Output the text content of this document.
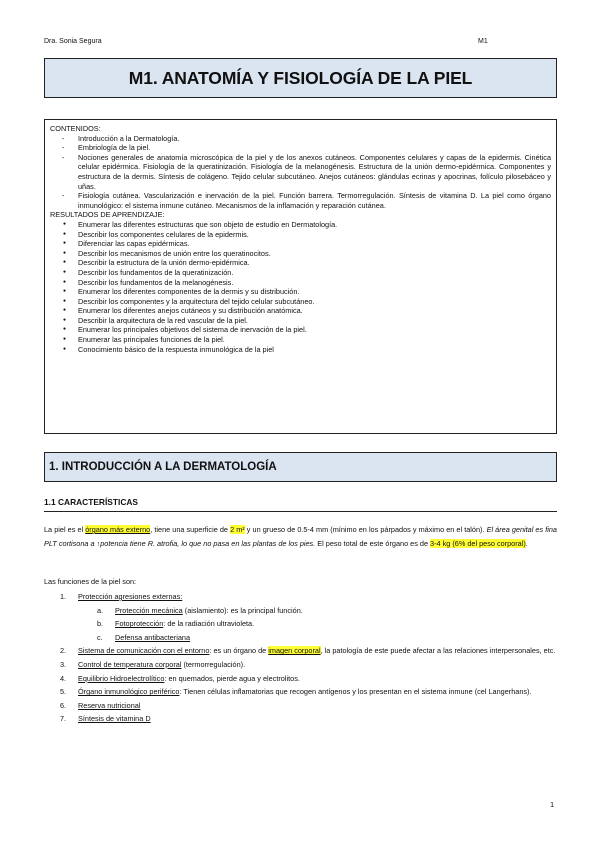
Dra. Sonia Segura	M1
M1. ANATOMÍA Y FISIOLOGÍA DE LA PIEL
CONTENIDOS:
- Introducción a la Dermatología.
- Embriología de la piel.
- Nociones generales de anatomía microscópica de la piel y de los anexos cutáneos. Componentes celulares y capas de la epidermis. Cinética celular epidérmica. Fisiología de la queratinización. Fisiología de la melanogénesis. Estructura de la unión dermo-epidérmica. Componentes y estructura de la dermis. Síntesis de colágeno. Tejido celular subcutáneo. Anejos cutáneos: glándulas ecrinas y apocrinas, folículo pilosebáceo y uñas.
- Fisiología cutánea. Vascularización e inervación de la piel. Función barrera. Termorregulación. Síntesis de vitamina D. La piel como órgano inmunológico: el sistema inmune cutáneo. Mecanismos de la inflamación y reparación cutánea.
RESULTADOS DE APRENDIZAJE:
● Enumerar las diferentes estructuras que son objeto de estudio en Dermatología.
● Describir los componentes celulares de la epidermis.
● Diferenciar las capas epidérmicas.
● Describir los mecanismos de unión entre los queratinocitos.
● Describir la estructura de la unión dermo-epidérmica.
● Describir los fundamentos de la queratinización.
● Describir los fundamentos de la melanogénesis.
● Enumerar los diferentes componentes de la dermis y su distribución.
● Describir los componentes y la arquitectura del tejido celular subcutáneo.
● Enumerar los diferentes anejos cutáneos y su distribución anatómica.
● Describir la arquitectura de la red vascular de la piel.
● Enumerar los principales objetivos del sistema de inervación de la piel.
● Enumerar las principales funciones de la piel.
● Conocimiento básico de la respuesta inmunológica de la piel
1. INTRODUCCIÓN A LA DERMATOLOGÍA
1.1 CARACTERÍSTICAS
La piel es el órgano más externo, tiene una superficie de 2 m² y un grueso de 0.5-4 mm (mínimo en los párpados y máximo en el talón). El área genital es fina PLT cortisona a ↑potencia tiene R. atrofia, lo que no pasa en las plantas de los pies. El peso total de este órgano es de 3-4 kg (6% del peso corporal).
Las funciones de la piel son:
1. Protección agresiones externas:
a. Protección mecánica (aislamiento): es la principal función.
b. Fotoprotección: de la radiación ultravioleta.
c. Defensa antibacteriana
2. Sistema de comunicación con el entorno: es un órgano de imagen corporal, la patología de este puede afectar a las relaciones interpersonales, etc.
3. Control de temperatura corporal (termorregulación).
4. Equilibrio Hidroelectrolítico: en quemados, pierde agua y electrolitos.
5. Órgano inmunológico periférico: Tienen células inflamatorias que recogen antígenos y los presentan en el sistema inmune (cel Langerhans).
6. Reserva nutricional
7. Síntesis de vitamina D
1
